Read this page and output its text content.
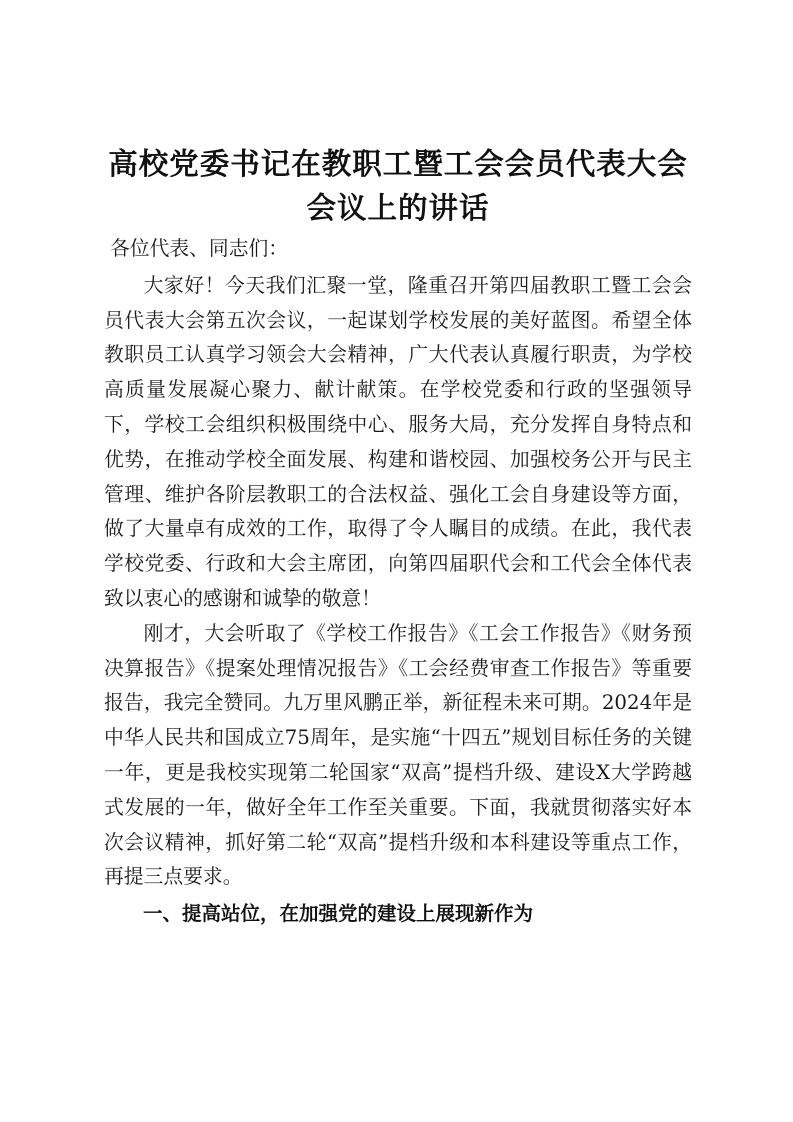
高校党委书记在教职工暨工会会员代表大会会议上的讲话

各位代表、同志们：

大家好！今天我们汇聚一堂，隆重召开第四届教职工暨工会会员代表大会第五次会议，一起谋划学校发展的美好蓝图。希望全体教职员工认真学习领会大会精神，广大代表认真履行职责，为学校高质量发展凝心聚力、献计献策。在学校党委和行政的坚强领导下，学校工会组织积极围绕中心、服务大局，充分发挥自身特点和优势，在推动学校全面发展、构建和谐校园、加强校务公开与民主管理、维护各阶层教职工的合法权益、强化工会自身建设等方面，做了大量卓有成效的工作，取得了令人瞩目的成绩。在此，我代表学校党委、行政和大会主席团，向第四届职代会和工代会全体代表致以衷心的感谢和诚挚的敬意！

刚才，大会听取了《学校工作报告》《工会工作报告》《财务预决算报告》《提案处理情况报告》《工会经费审查工作报告》等重要报告，我完全赞同。九万里风鹏正举，新征程未来可期。2024年是中华人民共和国成立75周年，是实施“十四五”规划目标任务的关键一年，更是我校实现第二轮国家“双高”提档升级、建设X大学跨越式发展的一年，做好全年工作至关重要。下面，我就贯彻落实好本次会议精神，抓好第二轮“双高”提档升级和本科建设等重点工作，再提三点要求。

一、提高站位，在加强党的建设上展现新作为
